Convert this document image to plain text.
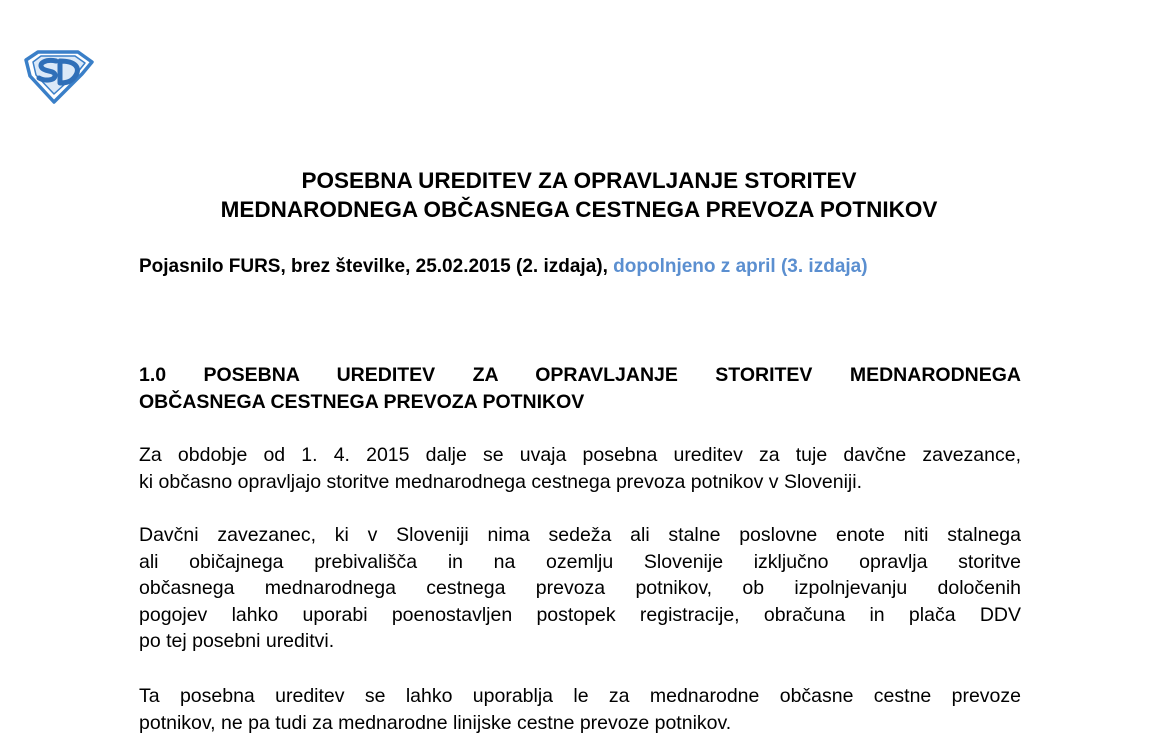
POSEBNA UREDITEV ZA OPRAVLJANJE STORITEV
MEDNARODNEGA OBČASNEGA CESTNEGA PREVOZA POTNIKOV
Pojasnilo FURS, brez številke, 25.02.2015 (2. izdaja), dopolnjeno z april (3. izdaja)
1.0 POSEBNA UREDITEV ZA OPRAVLJANJE STORITEV MEDNARODNEGA
OBČASNEGA CESTNEGA PREVOZA POTNIKOV
Za obdobje od 1. 4. 2015 dalje se uvaja posebna ureditev za tuje davčne zavezance,
ki občasno opravljajo storitve mednarodnega cestnega prevoza potnikov v Sloveniji.
Davčni zavezanec, ki v Sloveniji nima sedeža ali stalne poslovne enote niti stalnega
ali običajnega prebivališča in na ozemlju Slovenije izključno opravlja storitve
občasnega mednarodnega cestnega prevoza potnikov, ob izpolnjevanju določenih
pogojev lahko uporabi poenostavljen postopek registracije, obračuna in plača DDV
po tej posebni ureditvi.
Ta posebna ureditev se lahko uporablja le za mednarodne občasne cestne prevoze
potnikov, ne pa tudi za mednarodne linijske cestne prevoze potnikov.
